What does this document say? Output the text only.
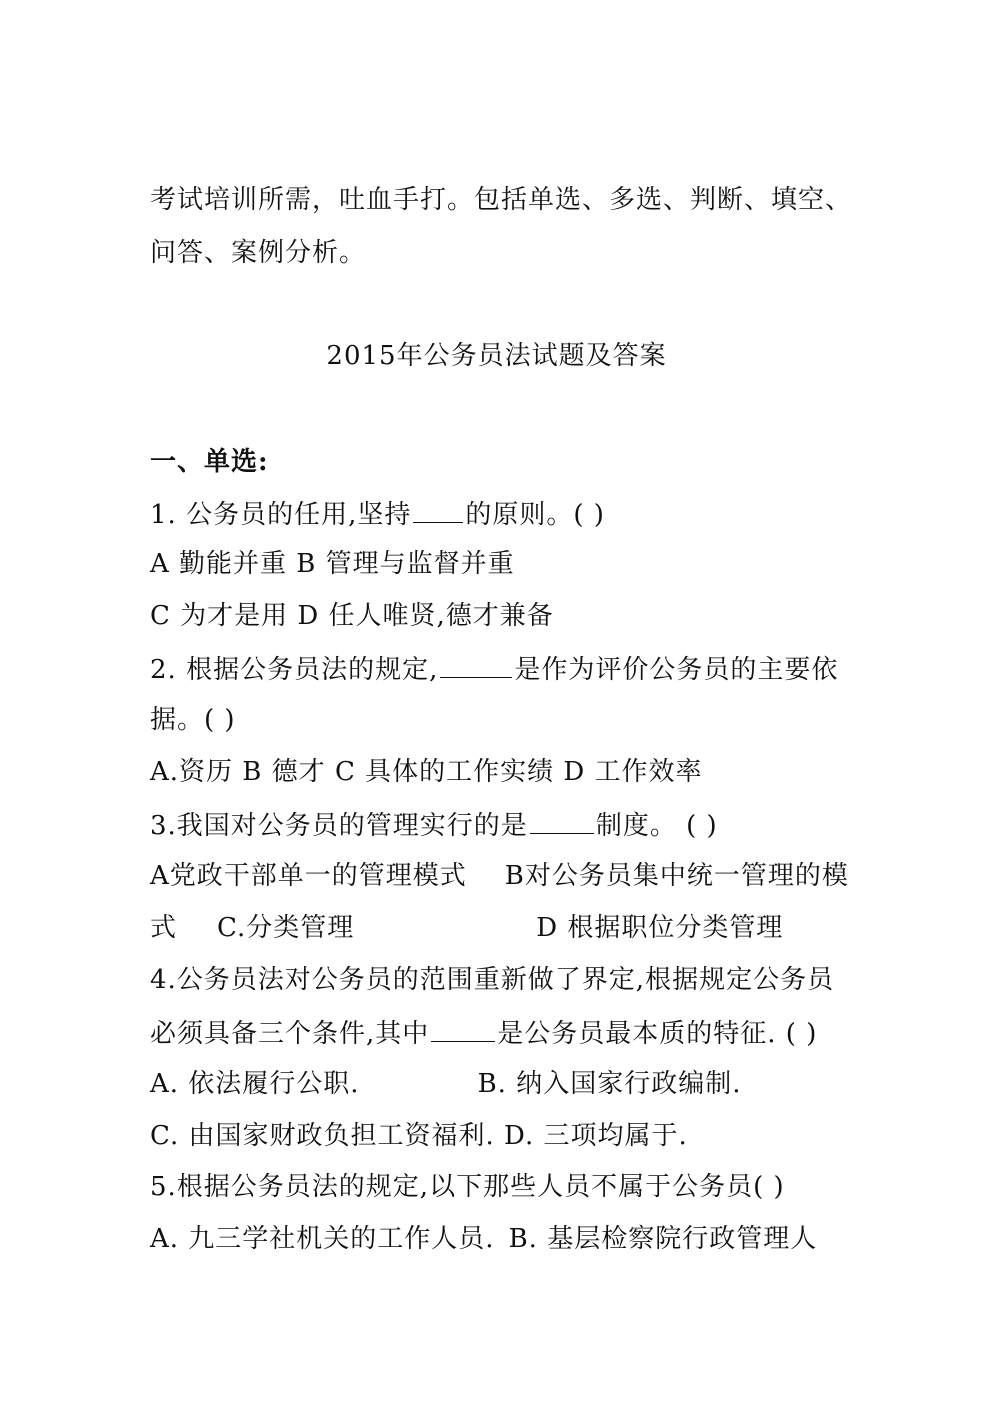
考试培训所需，吐血手打。包括单选、多选、判断、填空、
问答、案例分析。
2015年公务员法试题及答案
一、单选:
1. 公务员的任用,坚持 的原则。( )
A 勤能并重 B 管理与监督并重
C 为才是用 D 任人唯贤,德才兼备
2. 根据公务员法的规定,	是作为评价公务员的主要依
据。( )
A.资历 B 德才 C 具体的工作实绩 D 工作效率
3.我国对公务员的管理实行的是	制度。 ( )
A党政干部单一的管理模式 B对公务员集中统一管理的模
式 C.分类管理	D 根据职位分类管理
4.公务员法对公务员的范围重新做了界定,根据规定公务员
必须具备三个条件,其中	是公务员最本质的特征. ( )
A. 依法履行公职.	B. 纳入国家行政编制.
C. 由国家财政负担工资福利. D. 三项均属于.
5.根据公务员法的规定,以下那些人员不属于公务员( )
A. 九三学社机关的工作人员. B. 基层检察院行政管理人
